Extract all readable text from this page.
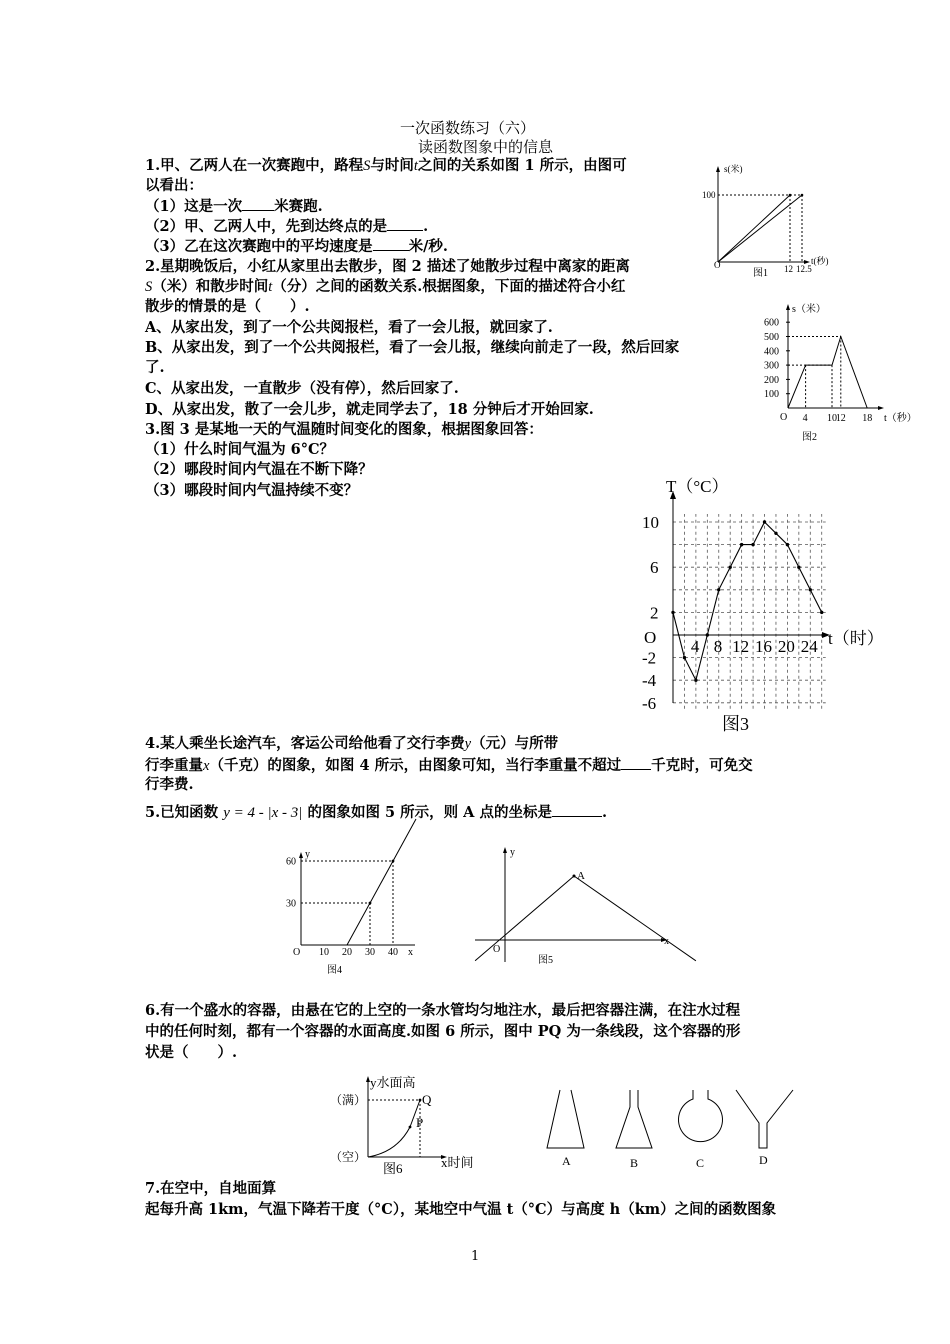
一次函数练习（六）
读函数图象中的信息
1.甲、乙两人在一次赛跑中，路程S与时间t之间的关系如图 1 所示，由图可
以看出：
（1）这是一次 米赛跑.
（2）甲、乙两人中，先到达终点的是 .
（3）乙在这次赛跑中的平均速度是 米/秒.
2.星期晚饭后，小红从家里出去散步，图 2 描述了她散步过程中离家的距离
S（米）和散步时间t（分）之间的函数关系.根据图象，下面的描述符合小红
散步的情景的是（　　）.
A、从家出发，到了一个公共阅报栏，看了一会儿报，就回家了.
B、从家出发，到了一个公共阅报栏，看了一会儿报，继续向前走了一段，然后回家
了.
C、从家出发，一直散步（没有停），然后回家了.
D、从家出发，散了一会儿步，就走同学去了，18 分钟后才开始回家.
3.图 3 是某地一天的气温随时间变化的图象，根据图象回答：
（1）什么时间气温为 6°C？
（2）哪段时间内气温在不断下降？
（3）哪段时间内气温持续不变？
4.某人乘坐长途汽车，客运公司给他看了交行李费y（元）与所带
行李重量x（千克）的图象，如图 4 所示，由图象可知，当行李重量不超过 千克时，可免交
行李费.
5.已知函数 y = 4 - |x - 3| 的图象如图 5 所示，则 A 点的坐标是	.
6.有一个盛水的容器，由悬在它的上空的一条水管均匀地注水，最后把容器注满，在注水过程
中的任何时刻，都有一个容器的水面高度.如图 6 所示，图中 PQ 为一条线段，这个容器的形
状是（　　）.
7.在空中，自地面算
起每升高 1km，气温下降若干度（°C），某地空中气温 t（°C）与高度 h（km）之间的函数图象
1
s(米)
100
O	12 12.5
t(秒)
图1
600
500
400
300
200
100
4 10
12 18
s（米）
O	t（秒）
图2
10
6
2
-2
-4
-6
4 8 12 16 20 24
T（°C）
O	t（时）
图3
60
30
10 20 30 40
y
O	x
图4
y
O
x
A
图5
y水面高
（满）
（空）
Q
P
x时间
图6	A	B	C	D
